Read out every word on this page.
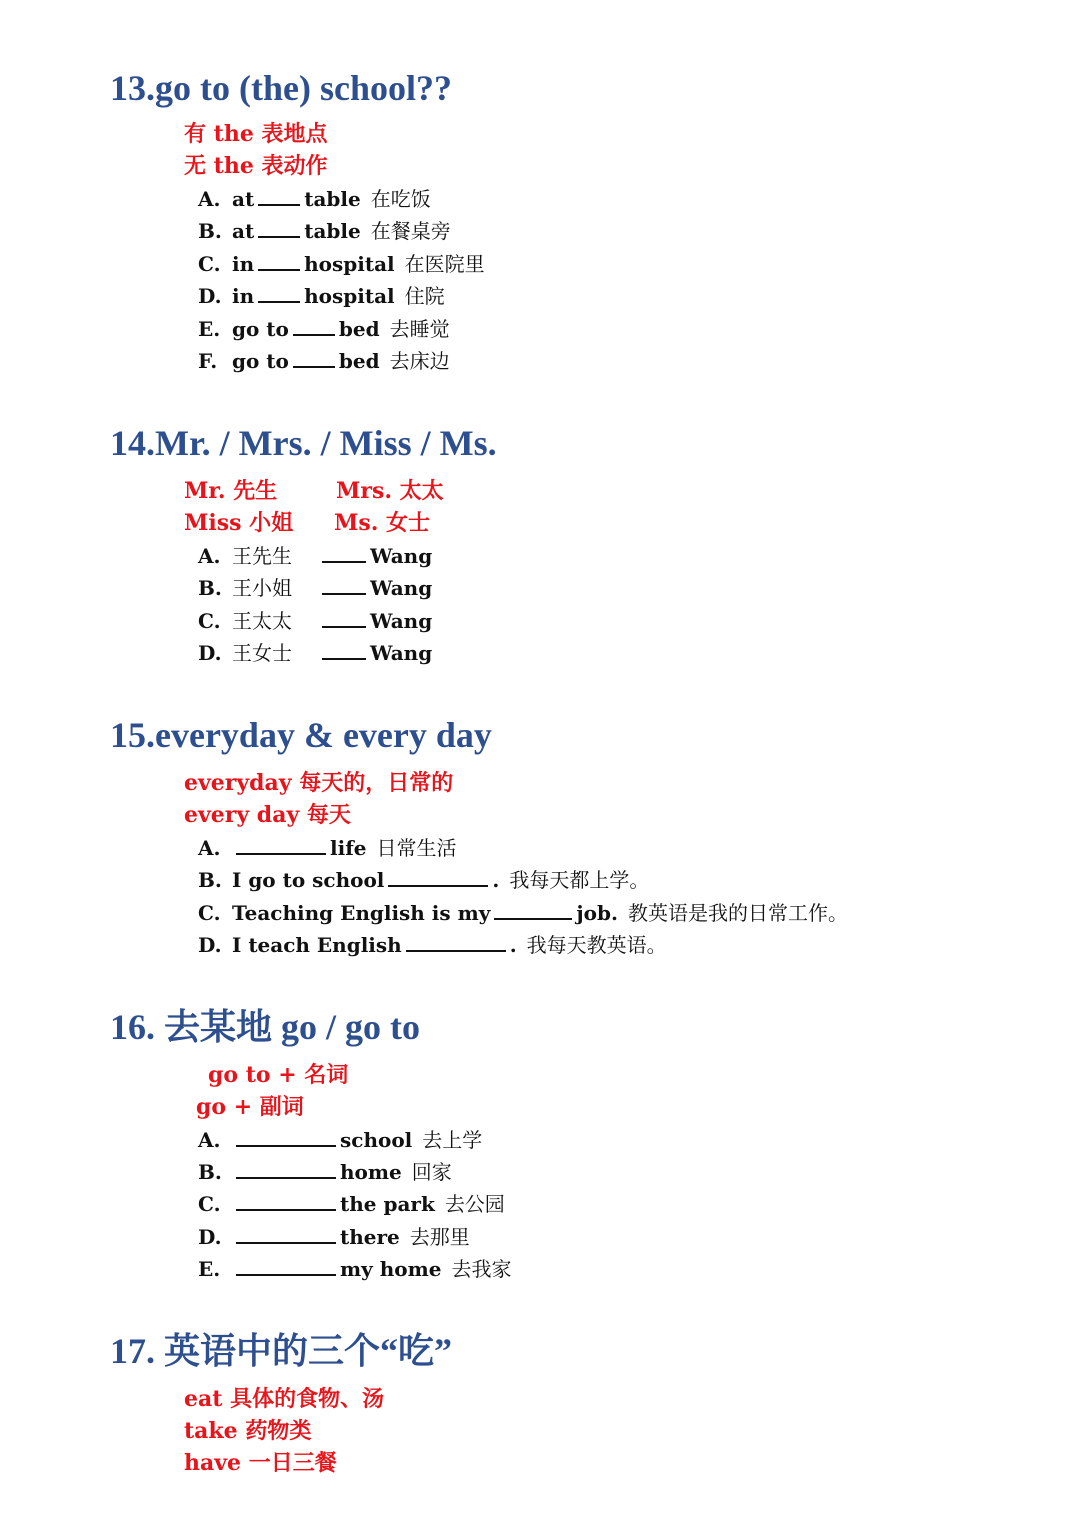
13.go to (the) school??
有 the 表地点
无 the 表动作
A. at	table 在吃饭
B. at	table 在餐桌旁
C. in	hospital 在医院里
D. in	hospital 住院
E. go to	bed 去睡觉
F. go to	bed 去床边
14.Mr. / Mrs. / Miss / Ms.
Mr. 先生	Mrs. 太太
Miss 小姐 Ms. 女士
A. 王先生	Wang
B. 王小姐	Wang
C. 王太太	Wang
D. 王女士	Wang
15.everyday & every day
everyday 每天的，日常的
every day 每天
A.	life 日常生活
B. I go to school	. 我每天都上学。
C. Teaching English is my	job. 教英语是我的日常工作。
D. I teach English	. 我每天教英语。
16. 去某地 go / go to
go to + 名词
go + 副词
A.	school 去上学
B.	home 回家
C.	the park 去公园
D.	there 去那里
E.	my home 去我家
17. 英语中的三个“吃”
eat 具体的食物、汤
take 药物类
have 一日三餐
